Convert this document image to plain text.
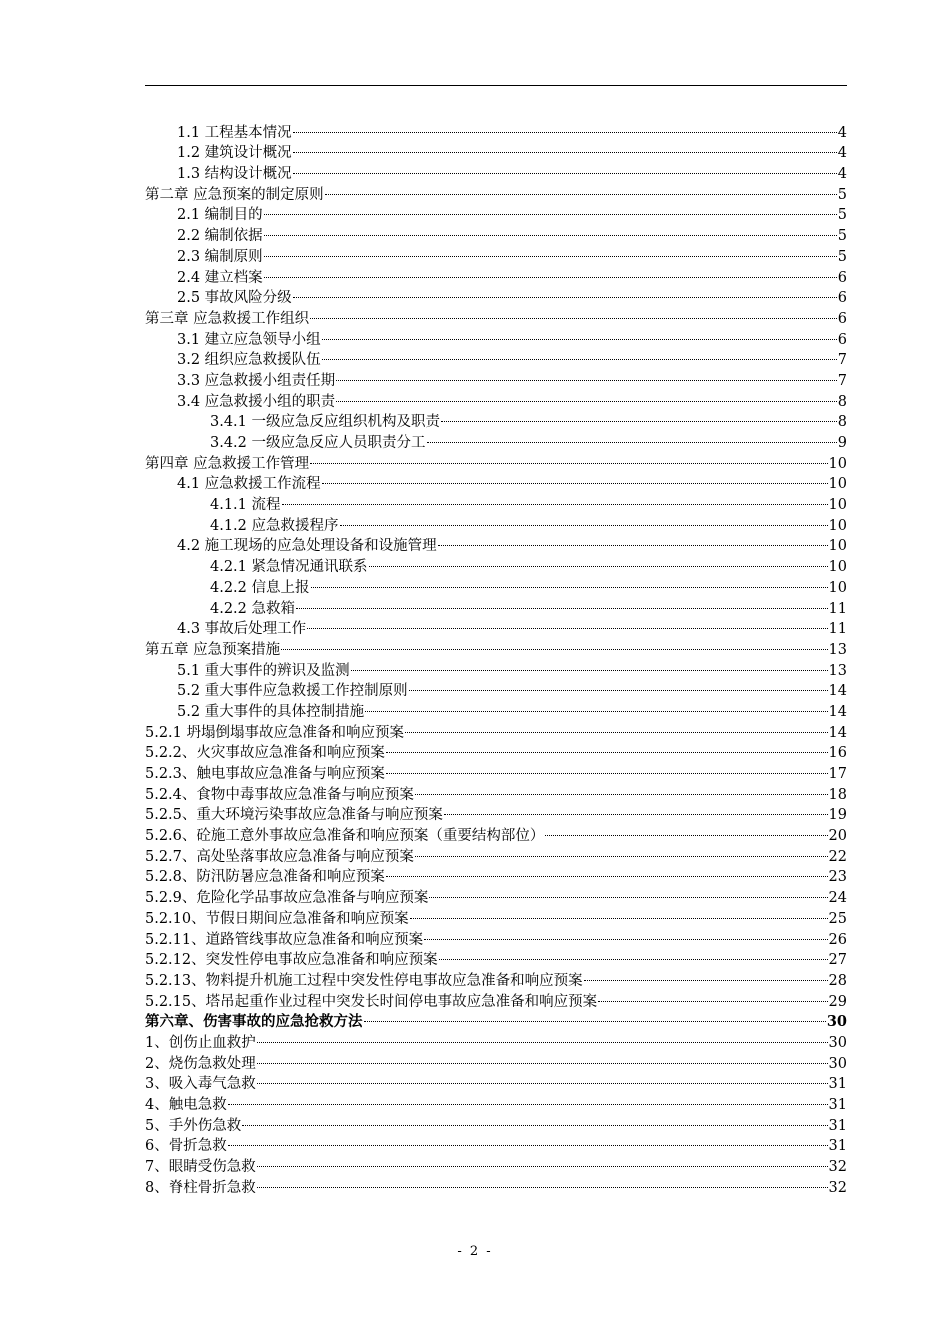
1.1 工程基本情况	4
1.2 建筑设计概况	4
1.3 结构设计概况	4
第二章 应急预案的制定原则	5
2.1 编制目的	5
2.2 编制依据	5
2.3 编制原则	5
2.4 建立档案	6
2.5 事故风险分级	6
第三章 应急救援工作组织	6
3.1 建立应急领导小组	6
3.2 组织应急救援队伍	7
3.3 应急救援小组责任期	7
3.4 应急救援小组的职责	8
3.4.1 一级应急反应组织机构及职责	8
3.4.2 一级应急反应人员职责分工	9
第四章 应急救援工作管理	10
4.1 应急救援工作流程	10
4.1.1 流程	10
4.1.2 应急救援程序	10
4.2 施工现场的应急处理设备和设施管理	10
4.2.1 紧急情况通讯联系	10
4.2.2 信息上报	10
4.2.2 急救箱	11
4.3 事故后处理工作	11
第五章 应急预案措施	13
5.1 重大事件的辨识及监测	13
5.2 重大事件应急救援工作控制原则	14
5.2 重大事件的具体控制措施	14
5.2.1 坍塌倒塌事故应急准备和响应预案	14
5.2.2、火灾事故应急准备和响应预案	16
5.2.3、触电事故应急准备与响应预案	17
5.2.4、食物中毒事故应急准备与响应预案	18
5.2.5、重大环境污染事故应急准备与响应预案	19
5.2.6、砼施工意外事故应急准备和响应预案（重要结构部位）	20
5.2.7、高处坠落事故应急准备与响应预案	22
5.2.8、防汛防暑应急准备和响应预案	23
5.2.9、危险化学品事故应急准备与响应预案	24
5.2.10、节假日期间应急准备和响应预案	25
5.2.11、道路管线事故应急准备和响应预案	26
5.2.12、突发性停电事故应急准备和响应预案	27
5.2.13、物料提升机施工过程中突发性停电事故应急准备和响应预案	28
5.2.15、塔吊起重作业过程中突发长时间停电事故应急准备和响应预案	29
第六章、伤害事故的应急抢救方法	30
1、创伤止血救护	30
2、烧伤急救处理	30
3、吸入毒气急救	31
4、触电急救	31
5、手外伤急救	31
6、骨折急救	31
7、眼睛受伤急救	32
8、脊柱骨折急救	32
- 2 -
